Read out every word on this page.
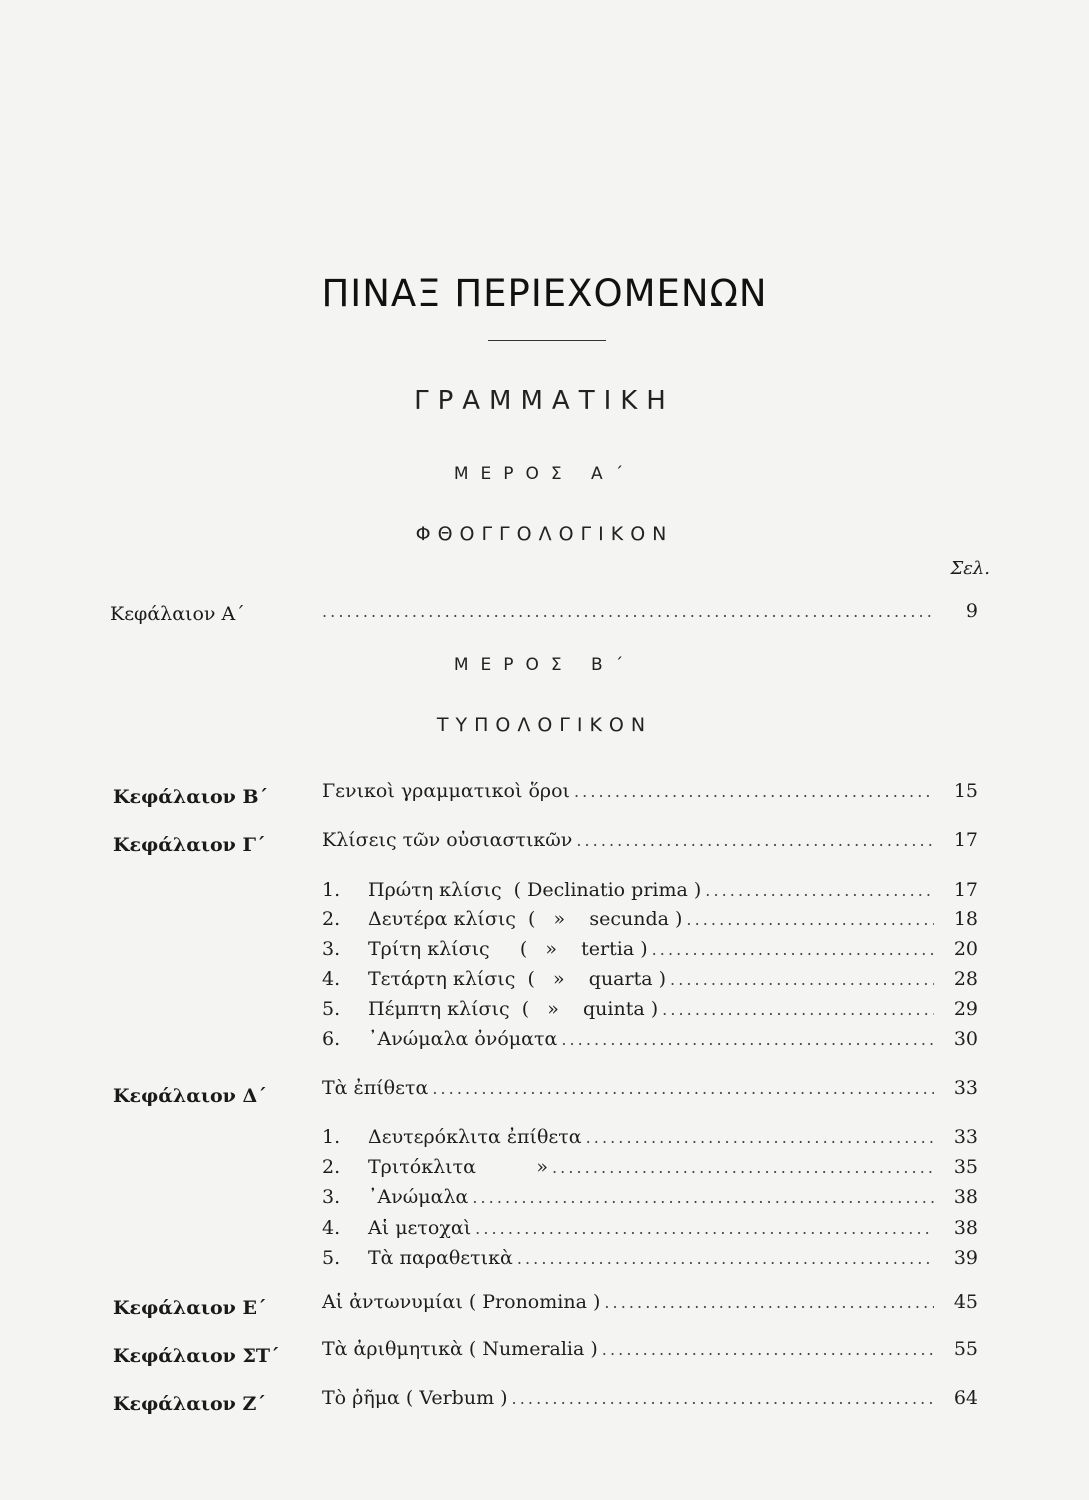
ΠΙΝΑΞ ΠΕΡΙΕΧΟΜΕΝΩΝ
ΓΡΑΜΜΑΤΙΚΗ
ΜΕΡΟΣ Α΄
ΦΘΟΓΓΟΛΟΓΙΚΟΝ
Σελ.
Κεφάλαιον Α΄ . . .	9
ΜΕΡΟΣ Β΄
ΤΥΠΟΛΟΓΙΚΟΝ
Κεφάλαιον Β΄	Γενικοὶ γραμματικοὶ ὅροι . . .	15
Κεφάλαιον Γ΄	Κλίσεις τῶν οὐσιαστικῶν . . .	17
1.	Πρώτη κλίσις  ( Declinatio prima ) . . .	17
2.	Δευτέρα κλίσις  (   »    secunda ) . . .	18
3.	Τρίτη κλίσις     (   »    tertia ) . . .	20
4.	Τετάρτη κλίσις  (   »    quarta ) . . .	28
5.	Πέμπτη κλίσις  (   »    quinta ) . . .	29
6.	᾿Ανώμαλα ὀνόματα . . .	30
Κεφάλαιον Δ΄	Τὰ ἐπίθετα . . .	33
1.	Δευτερόκλιτα ἐπίθετα . . .	33
2.	Τριτόκλιτα          » . . .	35
3.	᾿Ανώμαλα . . .	38
4.	Αἱ μετοχαὶ . . .	38
5.	Τὰ παραθετικὰ . . .	39
Κεφάλαιον Ε΄	Αἱ ἀντωνυμίαι ( Pronomina ) . . .	45
Κεφάλαιον ΣΤ΄ Τὰ ἀριθμητικὰ ( Numeralia ) . . .	55
Κεφάλαιον Ζ΄	Τὸ ῥῆμα ( Verbum ) . . .	64
